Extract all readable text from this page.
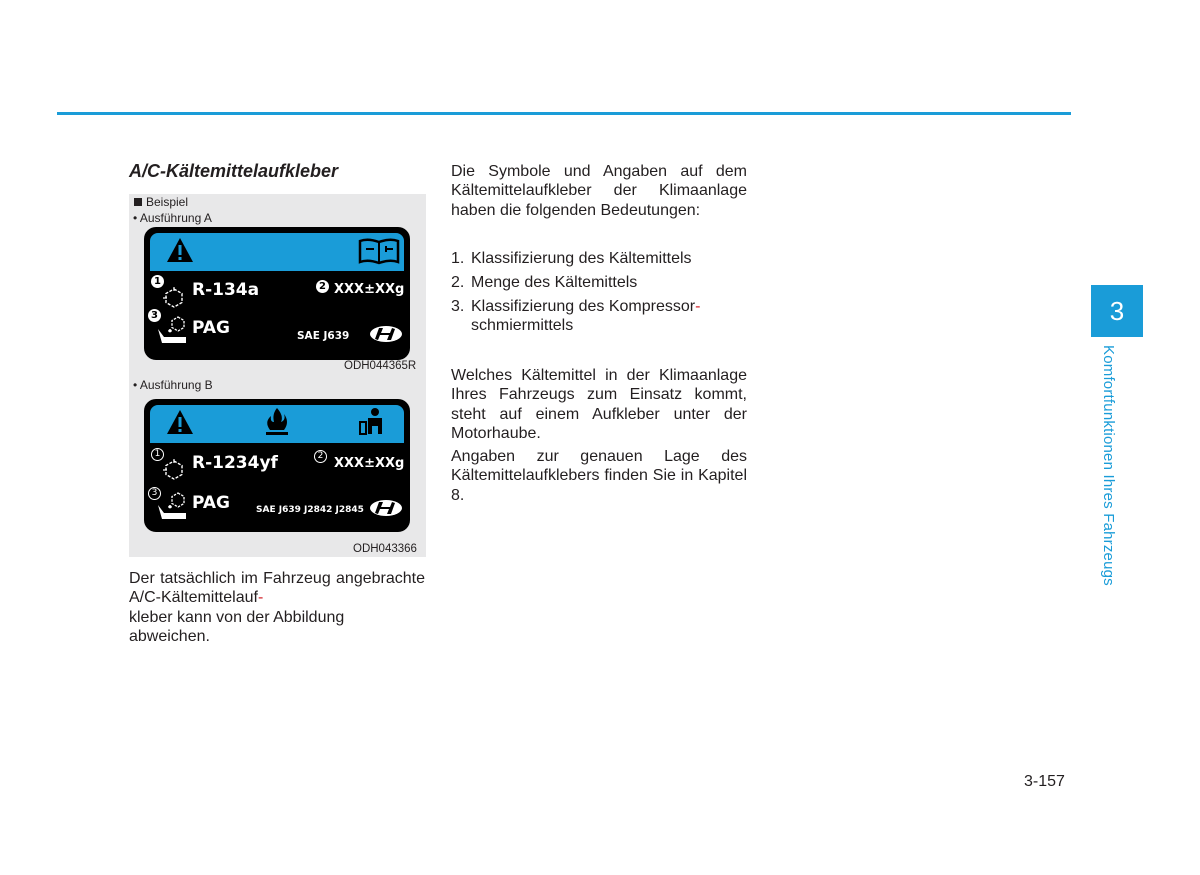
A/C-Kältemittelaufkleber
Beispiel
• Ausführung A
1 R-134a	2 XXX±XXg
3
PAG	SAE J639
ODH044365R
• Ausführung B
1 R-1234yf	2 XXX±XXg
3 PAG	SAE J639 J2842 J2845
ODH043366

Der tatsächlich im Fahrzeug angebrachte A/C-Kältemittelauf-
kleber kann von der Abbildung
abweichen.

Die Symbole und Angaben auf dem Kältemittelaufkleber der Klimaanlage haben die folgenden Bedeutungen:

1. Klassifizierung des Kältemittels
2. Menge des Kältemittels
3. Klassifizierung des Kompressor-
schmiermittels

Welches Kältemittel in der Klimaanlage Ihres Fahrzeugs zum Einsatz kommt, steht auf einem Aufkleber unter der Motorhaube.

Angaben zur genauen Lage des Kältemittelaufklebers finden Sie in Kapitel 8.

3
Komfortfunktionen Ihres Fahrzeugs
3-157
